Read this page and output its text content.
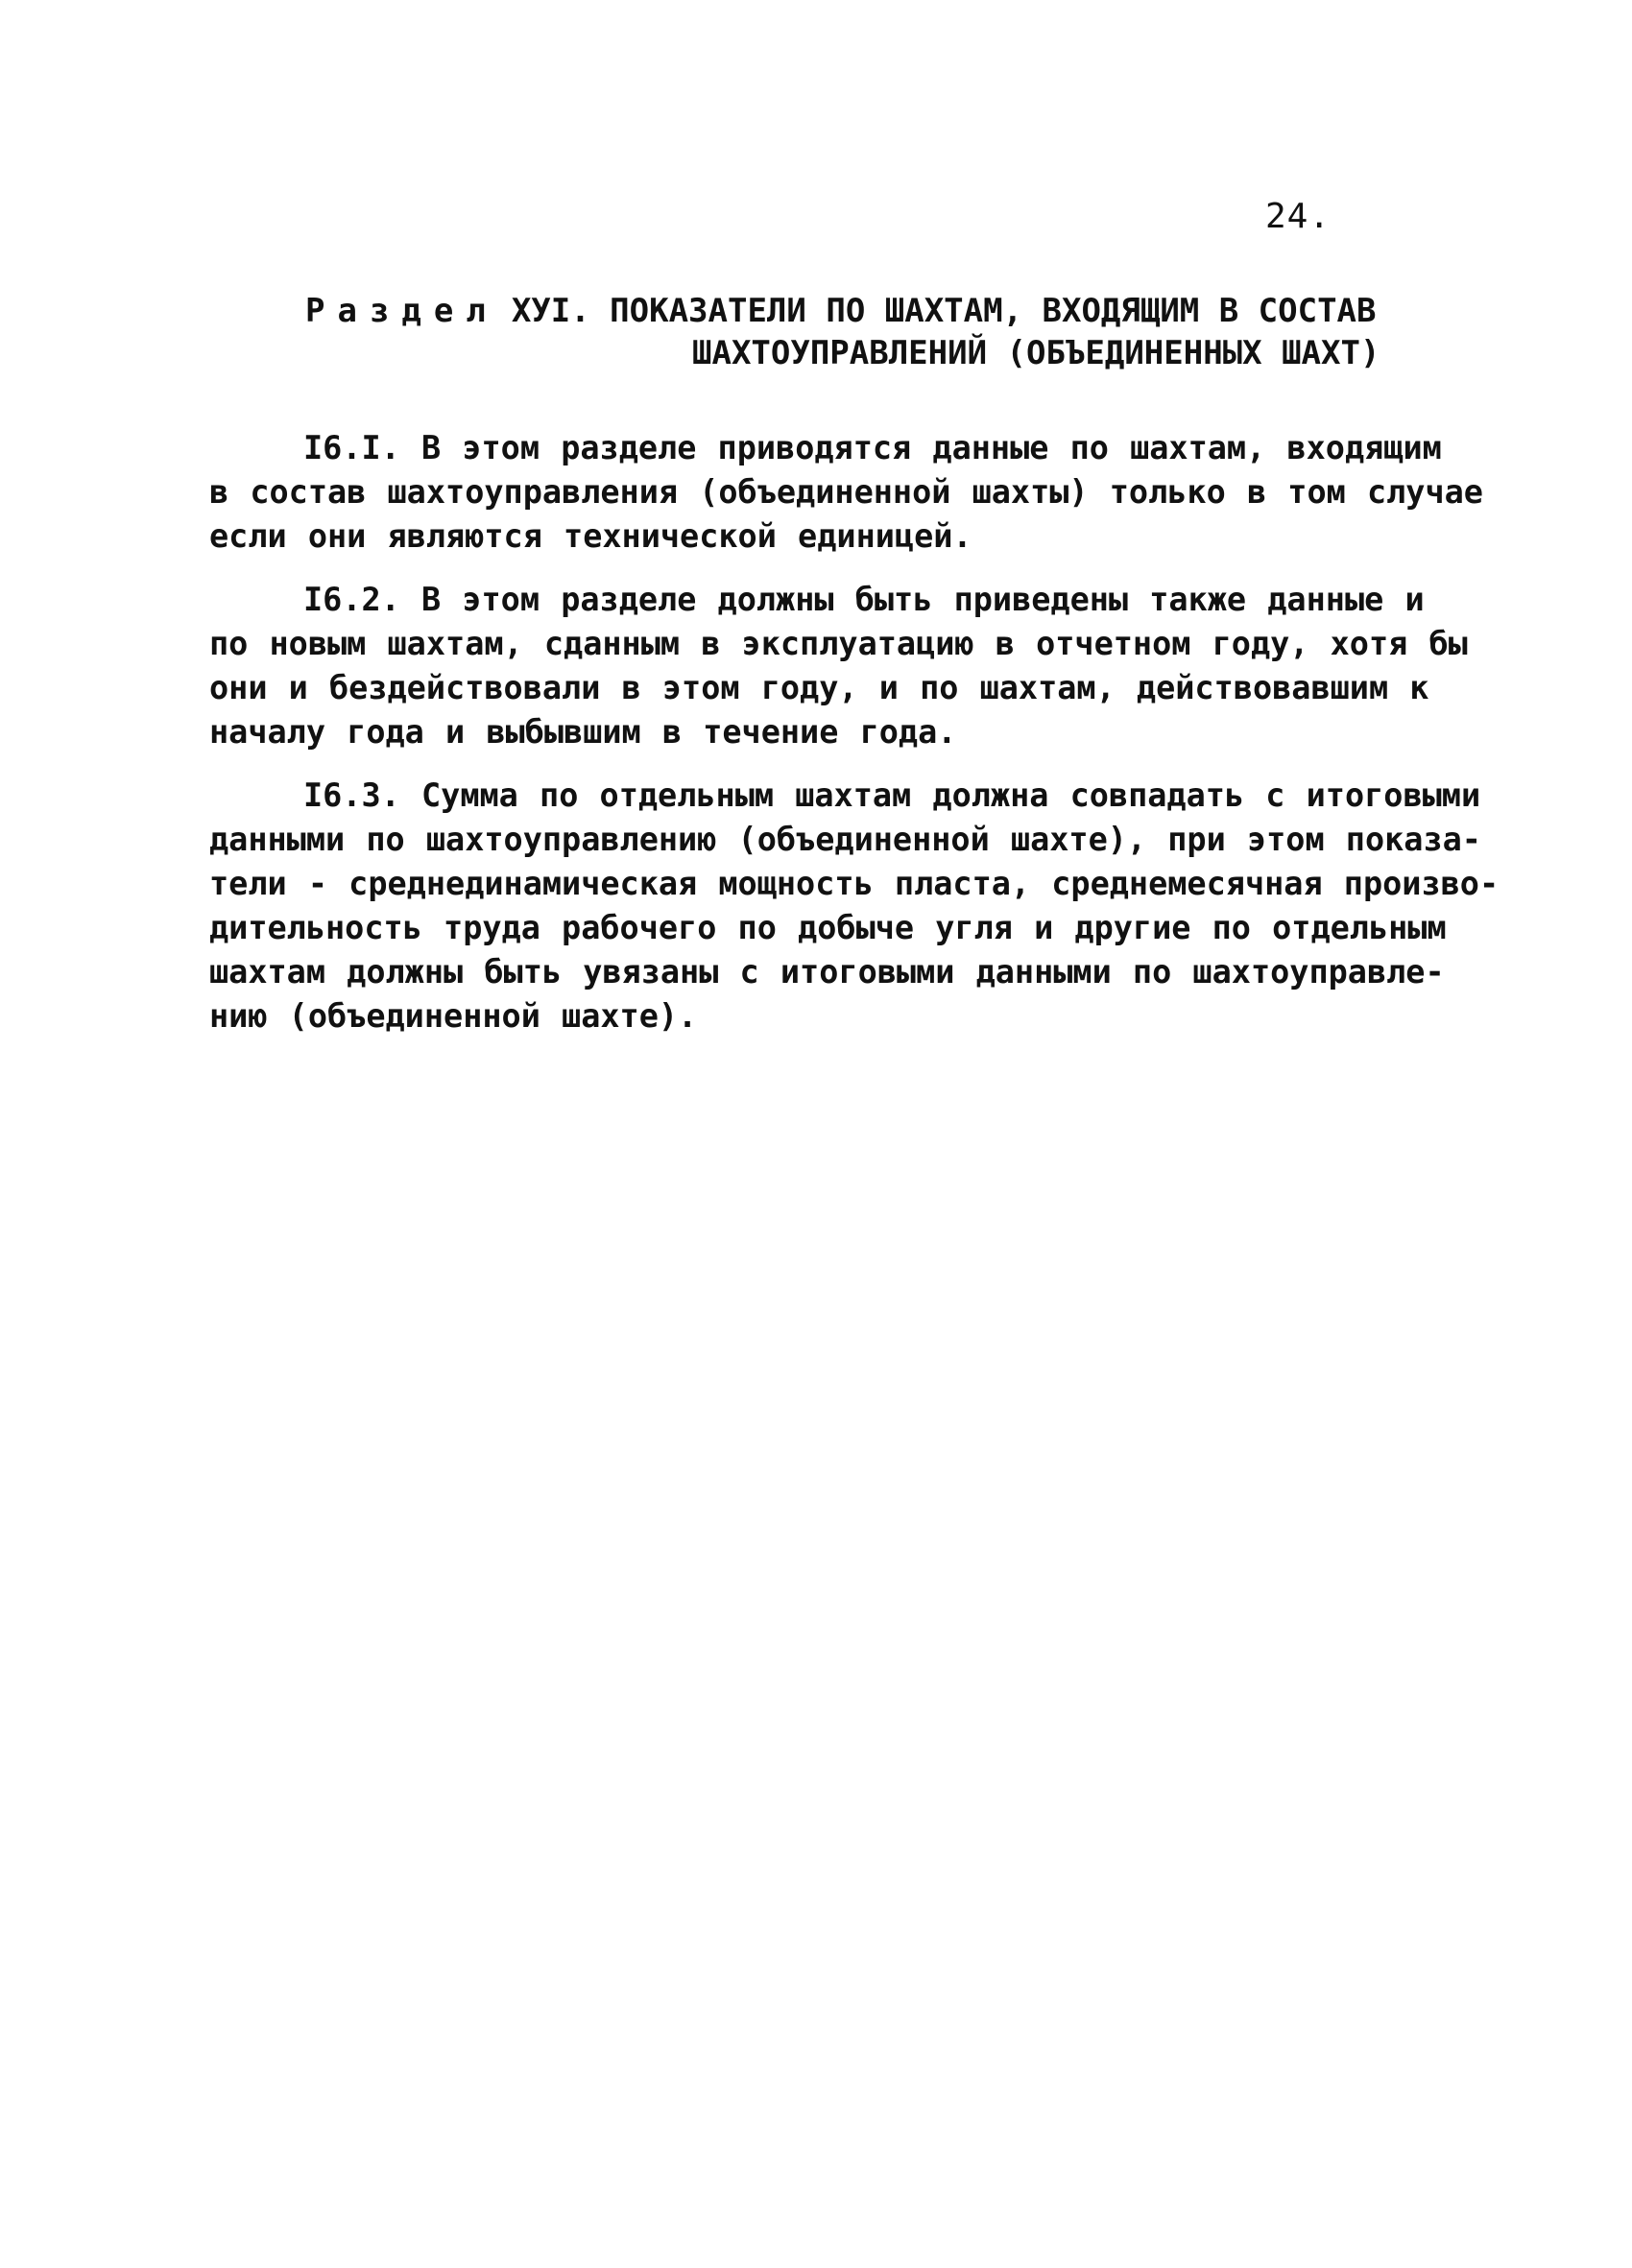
24.
Раздел ХУI. ПОКАЗАТЕЛИ ПО ШАХТАМ, ВХОДЯЩИМ В СОСТАВ
ШАХТОУПРАВЛЕНИЙ (ОБЪЕДИНЕННЫХ ШАХТ)
I6.I. В этом разделе приводятся данные по шахтам, входящим
в состав шахтоуправления (объединенной шахты) только в том случае
если они являются технической единицей.
I6.2. В этом разделе должны быть приведены также данные и
по новым шахтам, сданным в эксплуатацию в отчетном году, хотя бы
они и бездействовали в этом году, и по шахтам, действовавшим к
началу года и выбывшим в течение года.
I6.3. Сумма по отдельным шахтам должна совпадать с итоговыми
данными по шахтоуправлению (объединенной шахте), при этом показа-
тели - среднединамическая мощность пласта, среднемесячная произво-
дительность труда рабочего по добыче угля и другие по отдельным
шахтам должны быть увязаны с итоговыми данными по шахтоуправле-
нию (объединенной шахте).
